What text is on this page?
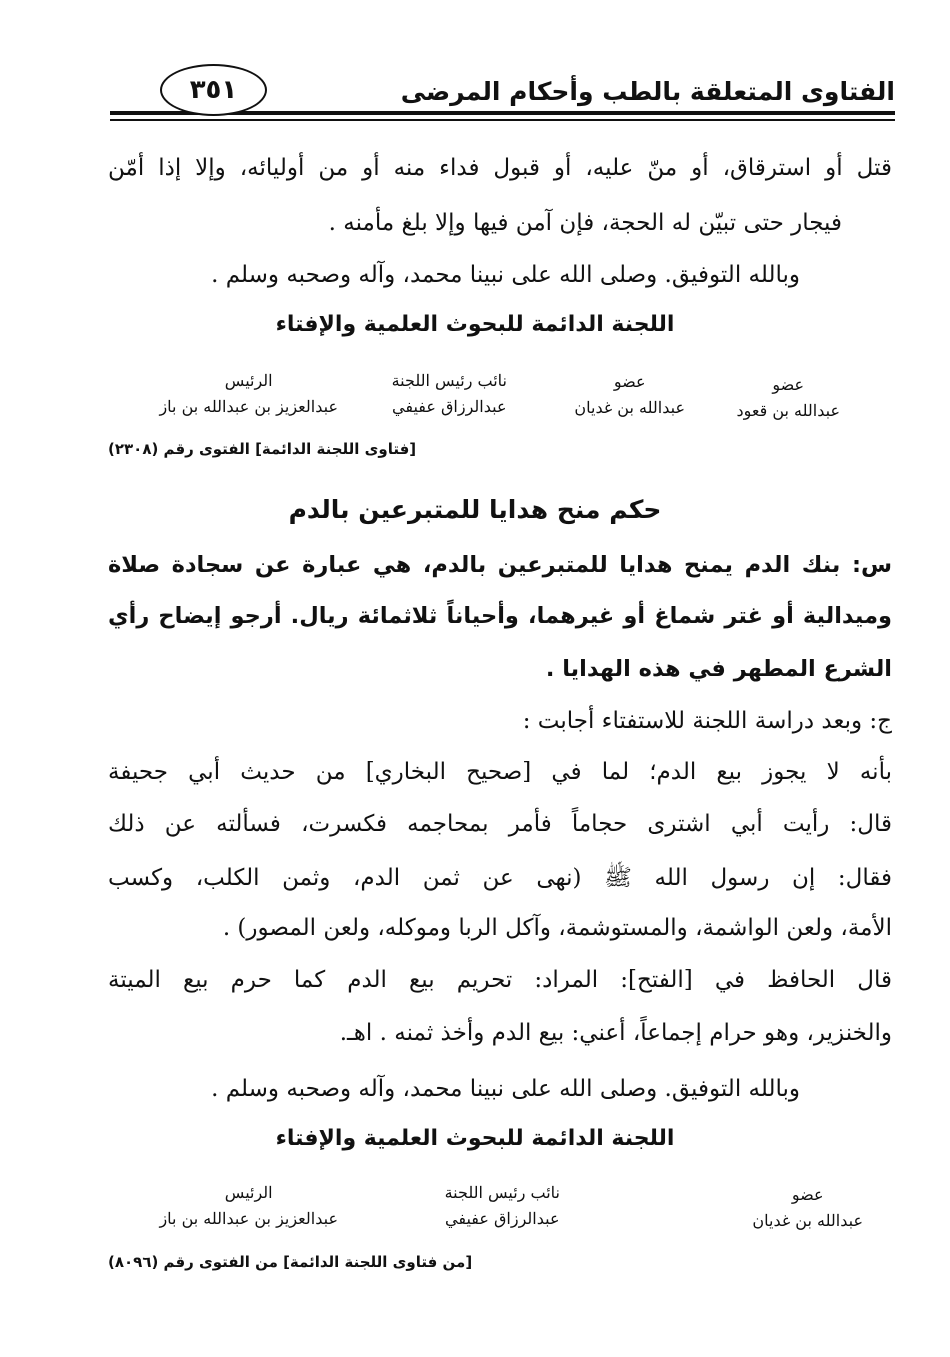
الفتاوى المتعلقة بالطب وأحكام المرضى
٣٥١
قتل أو استرقاق، أو منّ عليه، أو قبول فداء منه أو من أوليائه، وإلا إذا أمّن
فيجار حتى تبيّن له الحجة، فإن آمن فيها وإلا بلغ مأمنه .
وبالله التوفيق. وصلى الله على نبينا محمد، وآله وصحبه وسلم .
اللجنة الدائمة للبحوث العلمية والإفتاء
عضو
عبدالله بن قعود
عضو
عبدالله بن غديان
نائب رئيس اللجنة
عبدالرزاق عفيفي
الرئيس
عبدالعزيز بن عبدالله بن باز
[فتاوى اللجنة الدائمة] الفتوى رقم (٢٣٠٨)
حكم منح هدايا للمتبرعين بالدم
س: بنك الدم يمنح هدايا للمتبرعين بالدم، هي عبارة عن سجادة صلاة
وميدالية أو غتر شماغ أو غيرهما، وأحياناً ثلاثمائة ريال. أرجو إيضاح رأي
الشرع المطهر في هذه الهدايا .
ج: وبعد دراسة اللجنة للاستفتاء أجابت :
بأنه لا يجوز بيع الدم؛ لما في [صحيح البخاري] من حديث أبي جحيفة
قال: رأيت أبي اشترى حجاماً فأمر بمحاجمه فكسرت، فسألته عن ذلك
فقال: إن رسول الله ﷺ (نهى عن ثمن الدم، وثمن الكلب، وكسب
الأمة، ولعن الواشمة، والمستوشمة، وآكل الربا وموكله، ولعن المصور) .
قال الحافظ في [الفتح]: المراد: تحريم بيع الدم كما حرم بيع الميتة
والخنزير، وهو حرام إجماعاً، أعني: بيع الدم وأخذ ثمنه . اهـ.
وبالله التوفيق. وصلى الله على نبينا محمد، وآله وصحبه وسلم .
اللجنة الدائمة للبحوث العلمية والإفتاء
عضو
عبدالله بن غديان
نائب رئيس اللجنة
عبدالرزاق عفيفي
الرئيس
عبدالعزيز بن عبدالله بن باز
[من فتاوى اللجنة الدائمة] من الفتوى رقم (٨٠٩٦)
